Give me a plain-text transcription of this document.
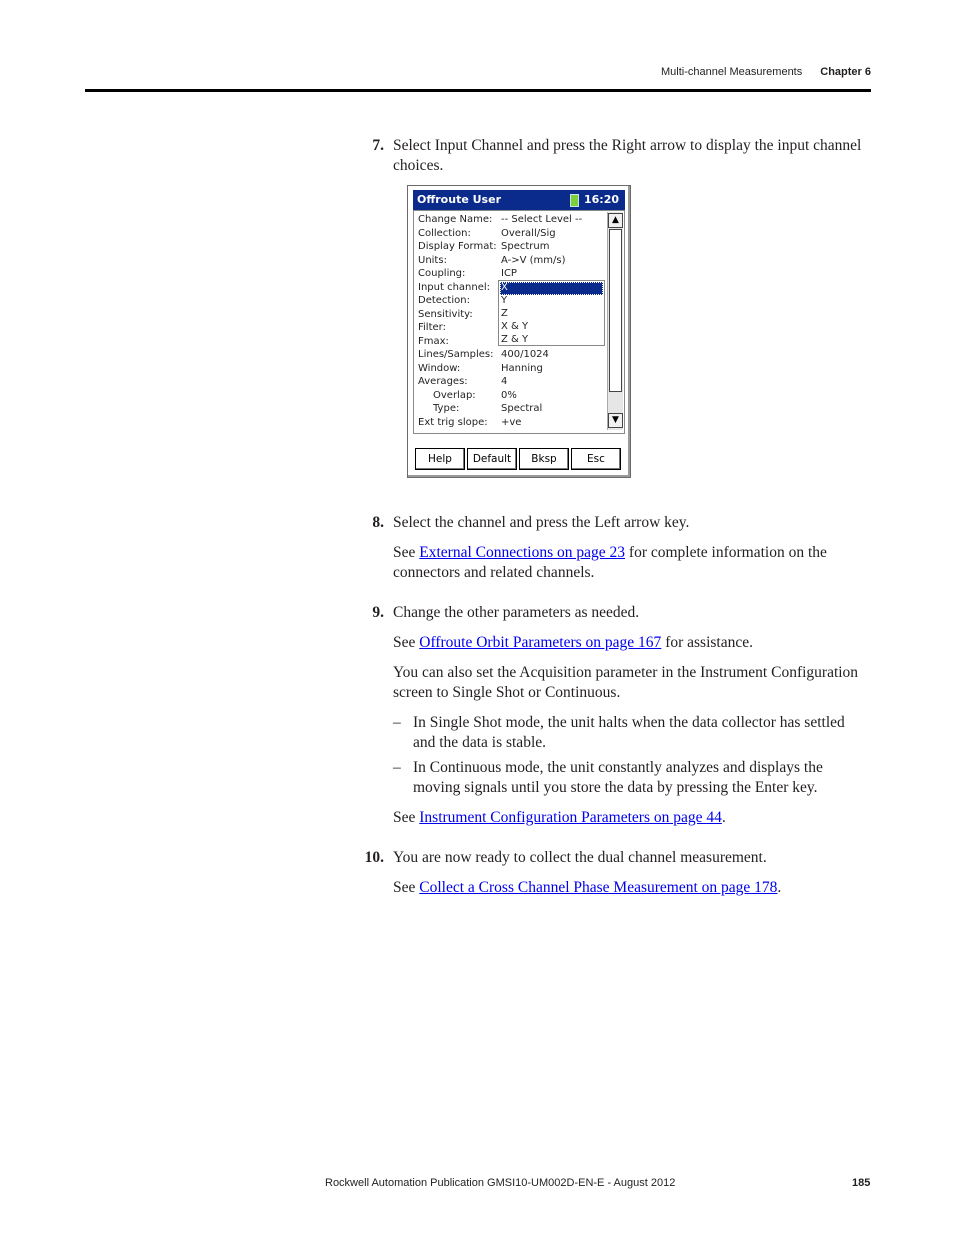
Multi-channel Measurements Chapter 6
7. Select Input Channel and press the Right arrow to display the input channel choices.
Offroute User	16:20
Change Name: -- Select Level --
Collection:	Overall/Sig
Display Format: Spectrum
Units:	A->V (mm/s)
Coupling:	ICP
Input channel:
Detection:
Sensitivity:
Filter:
Fmax:
Lines/Samples: 400/1024
Window:	Hanning
Averages:	4
Overlap:	0%
Type:	Spectral
Ext trig slope: +ve
X
Y
Z
X & Y
Z & Y
▲
▼
Help	Default	Bksp	Esc
8. Select the channel and press the Left arrow key.

See External Connections on page 23 for complete information on the connectors and related channels.

9. Change the other parameters as needed.

See Offroute Orbit Parameters on page 167 for assistance.

You can also set the Acquisition parameter in the Instrument Configuration screen to Single Shot or Continuous.

– In Single Shot mode, the unit halts when the data collector has settled and the data is stable.
– In Continuous mode, the unit constantly analyzes and displays the moving signals until you store the data by pressing the Enter key.

See Instrument Configuration Parameters on page 44.

10. You are now ready to collect the dual channel measurement.

See Collect a Cross Channel Phase Measurement on page 178.

Rockwell Automation Publication GMSI10-UM002D-EN-E - August 2012	185
